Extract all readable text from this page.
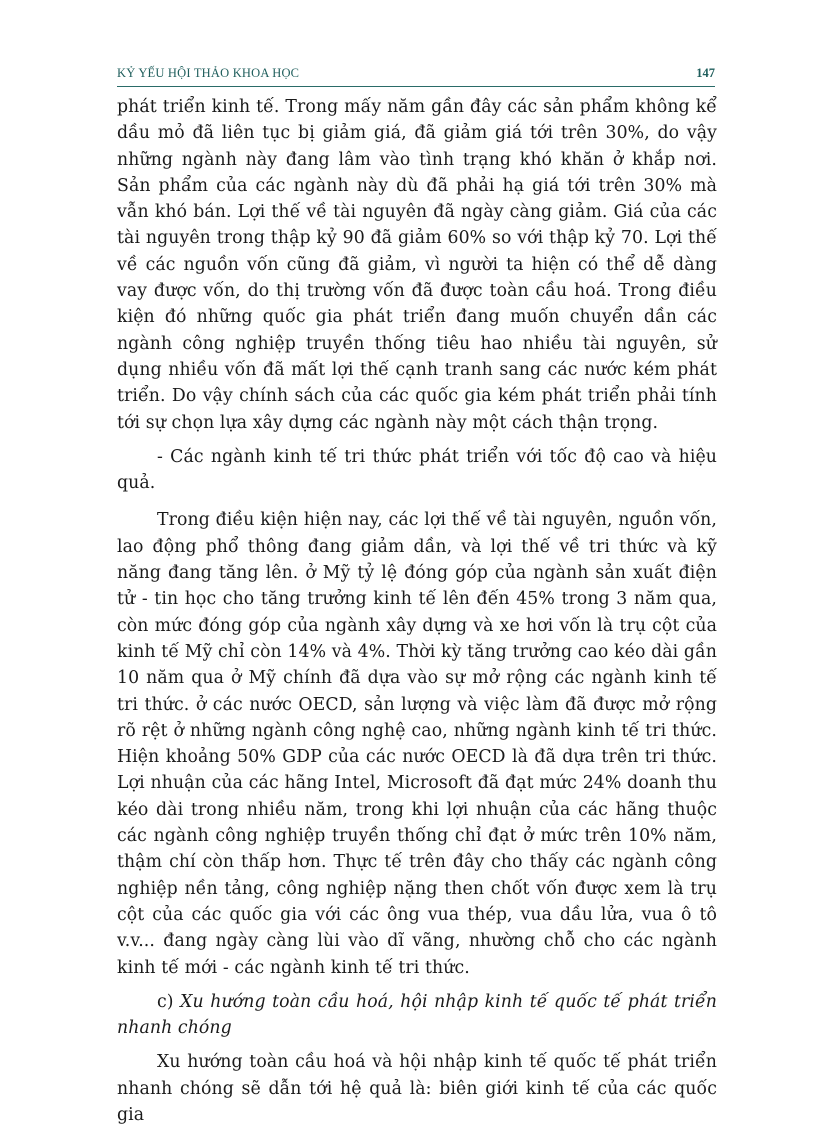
KỶ YẾU HỘI THẢO KHOA HỌC	147

phát triển kinh tế. Trong mấy năm gần đây các sản phẩm không kể dầu mỏ đã liên tục bị giảm giá, đã giảm giá tới trên 30%, do vậy những ngành này đang lâm vào tình trạng khó khăn ở khắp nơi. Sản phẩm của các ngành này dù đã phải hạ giá tới trên 30% mà vẫn khó bán. Lợi thế về tài nguyên đã ngày càng giảm. Giá của các tài nguyên trong thập kỷ 90 đã giảm 60% so với thập kỷ 70. Lợi thế về các nguồn vốn cũng đã giảm, vì người ta hiện có thể dễ dàng vay được vốn, do thị trường vốn đã được toàn cầu hoá. Trong điều kiện đó những quốc gia phát triển đang muốn chuyển dần các ngành công nghiệp truyền thống tiêu hao nhiều tài nguyên, sử dụng nhiều vốn đã mất lợi thế cạnh tranh sang các nước kém phát triển. Do vậy chính sách của các quốc gia kém phát triển phải tính tới sự chọn lựa xây dựng các ngành này một cách thận trọng.

- Các ngành kinh tế tri thức phát triển với tốc độ cao và hiệu quả.

Trong điều kiện hiện nay, các lợi thế về tài nguyên, nguồn vốn, lao động phổ thông đang giảm dần, và lợi thế về tri thức và kỹ năng đang tăng lên. ở Mỹ tỷ lệ đóng góp của ngành sản xuất điện tử - tin học cho tăng trưởng kinh tế lên đến 45% trong 3 năm qua, còn mức đóng góp của ngành xây dựng và xe hơi vốn là trụ cột của kinh tế Mỹ chỉ còn 14% và 4%. Thời kỳ tăng trưởng cao kéo dài gần 10 năm qua ở Mỹ chính đã dựa vào sự mở rộng các ngành kinh tế tri thức. ở các nước OECD, sản lượng và việc làm đã được mở rộng rõ rệt ở những ngành công nghệ cao, những ngành kinh tế tri thức. Hiện khoảng 50% GDP của các nước OECD là đã dựa trên tri thức. Lợi nhuận của các hãng Intel, Microsoft đã đạt mức 24% doanh thu kéo dài trong nhiều năm, trong khi lợi nhuận của các hãng thuộc các ngành công nghiệp truyền thống chỉ đạt ở mức trên 10% năm, thậm chí còn thấp hơn. Thực tế trên đây cho thấy các ngành công nghiệp nền tảng, công nghiệp nặng then chốt vốn được xem là trụ cột của các quốc gia với các ông vua thép, vua dầu lửa, vua ô tô v.v... đang ngày càng lùi vào dĩ vãng, nhường chỗ cho các ngành kinh tế mới - các ngành kinh tế tri thức.

c) Xu hướng toàn cầu hoá, hội nhập kinh tế quốc tế phát triển nhanh chóng

Xu hướng toàn cầu hoá và hội nhập kinh tế quốc tế phát triển nhanh chóng sẽ dẫn tới hệ quả là: biên giới kinh tế của các quốc gia
